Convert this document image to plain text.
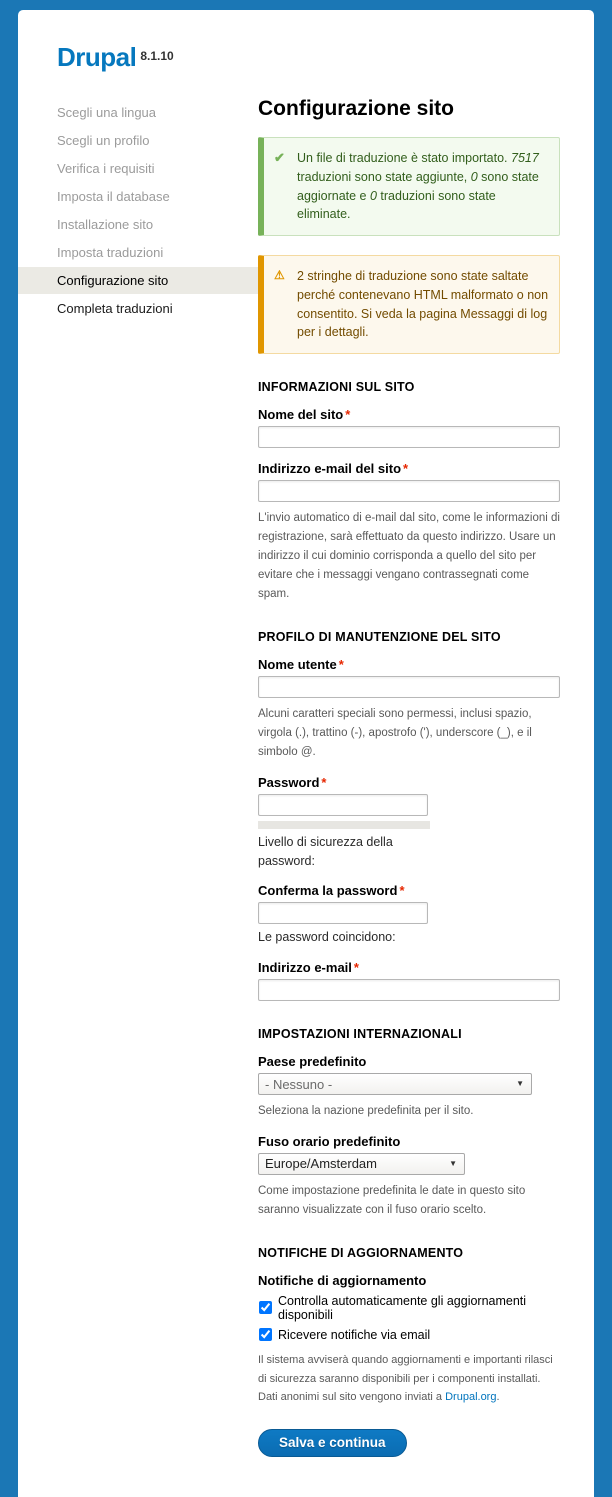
Drupal $^{8.1.10}$
Scegli una lingua
Scegli un profilo
Verifica i requisiti
Imposta il database
Installazione sito
Imposta traduzioni
Configurazione sito
Completa traduzioni
Configurazione sito
✔ Un file di traduzione è stato importato. 7517 traduzioni sono state aggiunte, 0 sono state aggiornate e 0 traduzioni sono state eliminate.
⚠ 2 stringhe di traduzione sono state saltate perché contenevano HTML malformato o non consentito. Si veda la pagina Messaggi di log per i dettagli.
INFORMAZIONI SUL SITO
Nome del sito *
Indirizzo e-mail del sito *
L'invio automatico di e-mail dal sito, come le informazioni di registrazione, sarà effettuato da questo indirizzo. Usare un indirizzo il cui dominio corrisponda a quello del sito per evitare che i messaggi vengano contrassegnati come spam.
PROFILO DI MANUTENZIONE DEL SITO
Nome utente *
Alcuni caratteri speciali sono permessi, inclusi spazio, virgola (.), trattino (-), apostrofo ('), underscore (_), e il simbolo @.
Password *
Livello di sicurezza della password:
Conferma la password *
Le password coincidono:
Indirizzo e-mail *
IMPOSTAZIONI INTERNAZIONALI
Paese predefinito
- Nessuno - ▼
Seleziona la nazione predefinita per il sito.
Fuso orario predefinito
Europe/Amsterdam ▼
Come impostazione predefinita le date in questo sito saranno visualizzate con il fuso orario scelto.
NOTIFICHE DI AGGIORNAMENTO
Notifiche di aggiornamento
Controlla automaticamente gli aggiornamenti disponibili
Ricevere notifiche via email
Il sistema avviserà quando aggiornamenti e importanti rilasci di sicurezza saranno disponibili per i componenti installati. Dati anonimi sul sito vengono inviati a Drupal.org.
Salva e continua
